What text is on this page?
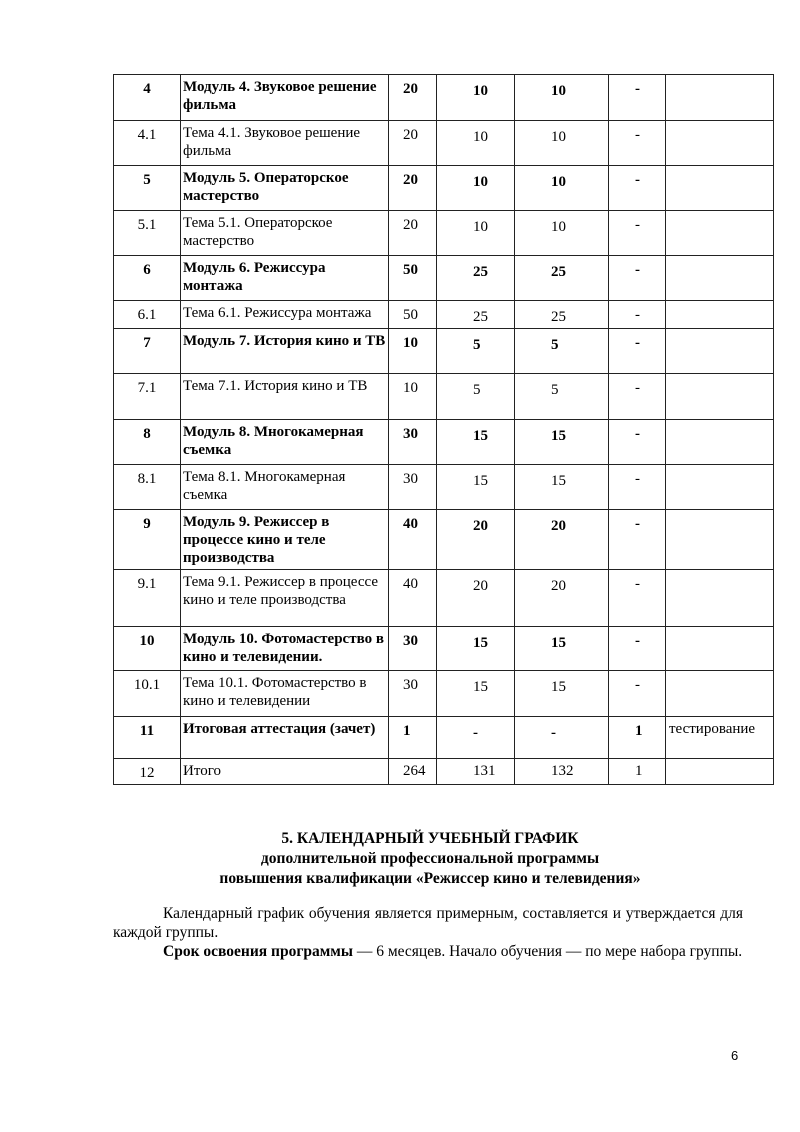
4	Модуль 4. Звуковое решение фильма	20	10	10	-	
4.1	Тема 4.1. Звуковое решение фильма	20	10	10	-	
5	Модуль 5. Операторское мастерство	20	10	10	-	
5.1	Тема 5.1. Операторское мастерство	20	10	10	-	
6	Модуль 6. Режиссура монтажа	50	25	25	-	
6.1	Тема 6.1. Режиссура монтажа	50	25	25	-	
7	Модуль 7. История кино и ТВ	10	5	5	-	
7.1	Тема 7.1. История кино и ТВ	10	5	5	-	
8	Модуль 8. Многокамерная съемка	30	15	15	-	
8.1	Тема 8.1. Многокамерная съемка	30	15	15	-	
9	Модуль 9. Режиссер в процессе кино и теле производства	40	20	20	-	
9.1	Тема 9.1. Режиссер в процессе кино и теле производства	40	20	20	-	
10	Модуль 10. Фотомастерство в кино и телевидении.	30	15	15	-	
10.1	Тема 10.1. Фотомастерство в кино и телевидении	30	15	15	-	
11	Итоговая аттестация (зачет)	1	-	-	1	тестирование
12	Итого	264	131	132	1	
5. КАЛЕНДАРНЫЙ УЧЕБНЫЙ ГРАФИК
дополнительной профессиональной программы
повышения квалификации «Режиссер кино и телевидения»

Календарный график обучения является примерным, составляется и утверждается для каждой группы.

Срок освоения программы — 6 месяцев. Начало обучения — по мере набора группы.

6
